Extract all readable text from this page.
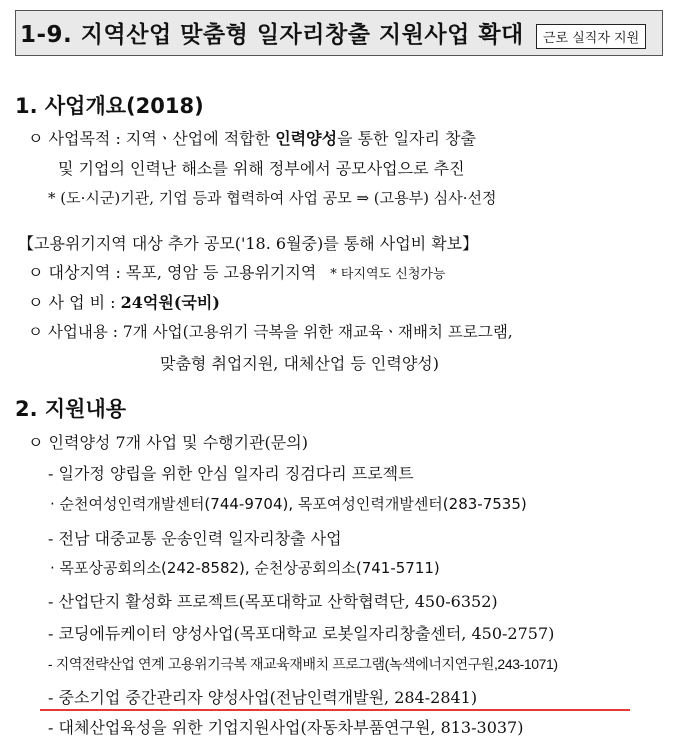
1-9. 지역산업 맞춤형 일자리창출 지원사업 확대	근로 실직자 지원
1. 사업개요(2018)
ㅇ 사업목적 : 지역ㆍ산업에 적합한 인력양성을 통한 일자리 창출
및 기업의 인력난 해소를 위해 정부에서 공모사업으로 추진
* (도·시군)기관, 기업 등과 협력하여 사업 공모 ⇒ (고용부) 심사·선정
【고용위기지역 대상 추가 공모('18. 6월중)를 통해 사업비 확보】
ㅇ 대상지역 : 목포, 영암 등 고용위기지역 * 타지역도 신청가능
ㅇ 사 업 비 : 24억원(국비)
ㅇ 사업내용 : 7개 사업(고용위기 극복을 위한 재교육ㆍ재배치 프로그램,
맞춤형 취업지원, 대체산업 등 인력양성)
2. 지원내용
ㅇ 인력양성 7개 사업 및 수행기관(문의)
- 일가정 양립을 위한 안심 일자리 징검다리 프로젝트
· 순천여성인력개발센터(744-9704), 목포여성인력개발센터(283-7535)
- 전남 대중교통 운송인력 일자리창출 사업
· 목포상공회의소(242-8582), 순천상공회의소(741-5711)
- 산업단지 활성화 프로젝트(목포대학교 산학협력단, 450-6352)
- 코딩에듀케이터 양성사업(목포대학교 로봇일자리창출센터, 450-2757)
- 지역전략산업 연계 고용위기극복 재교육재배치 프로그램(녹색에너지연구원,243-1071)
- 중소기업 중간관리자 양성사업(전남인력개발원, 284-2841)
- 대체산업육성을 위한 기업지원사업(자동차부품연구원, 813-3037)
